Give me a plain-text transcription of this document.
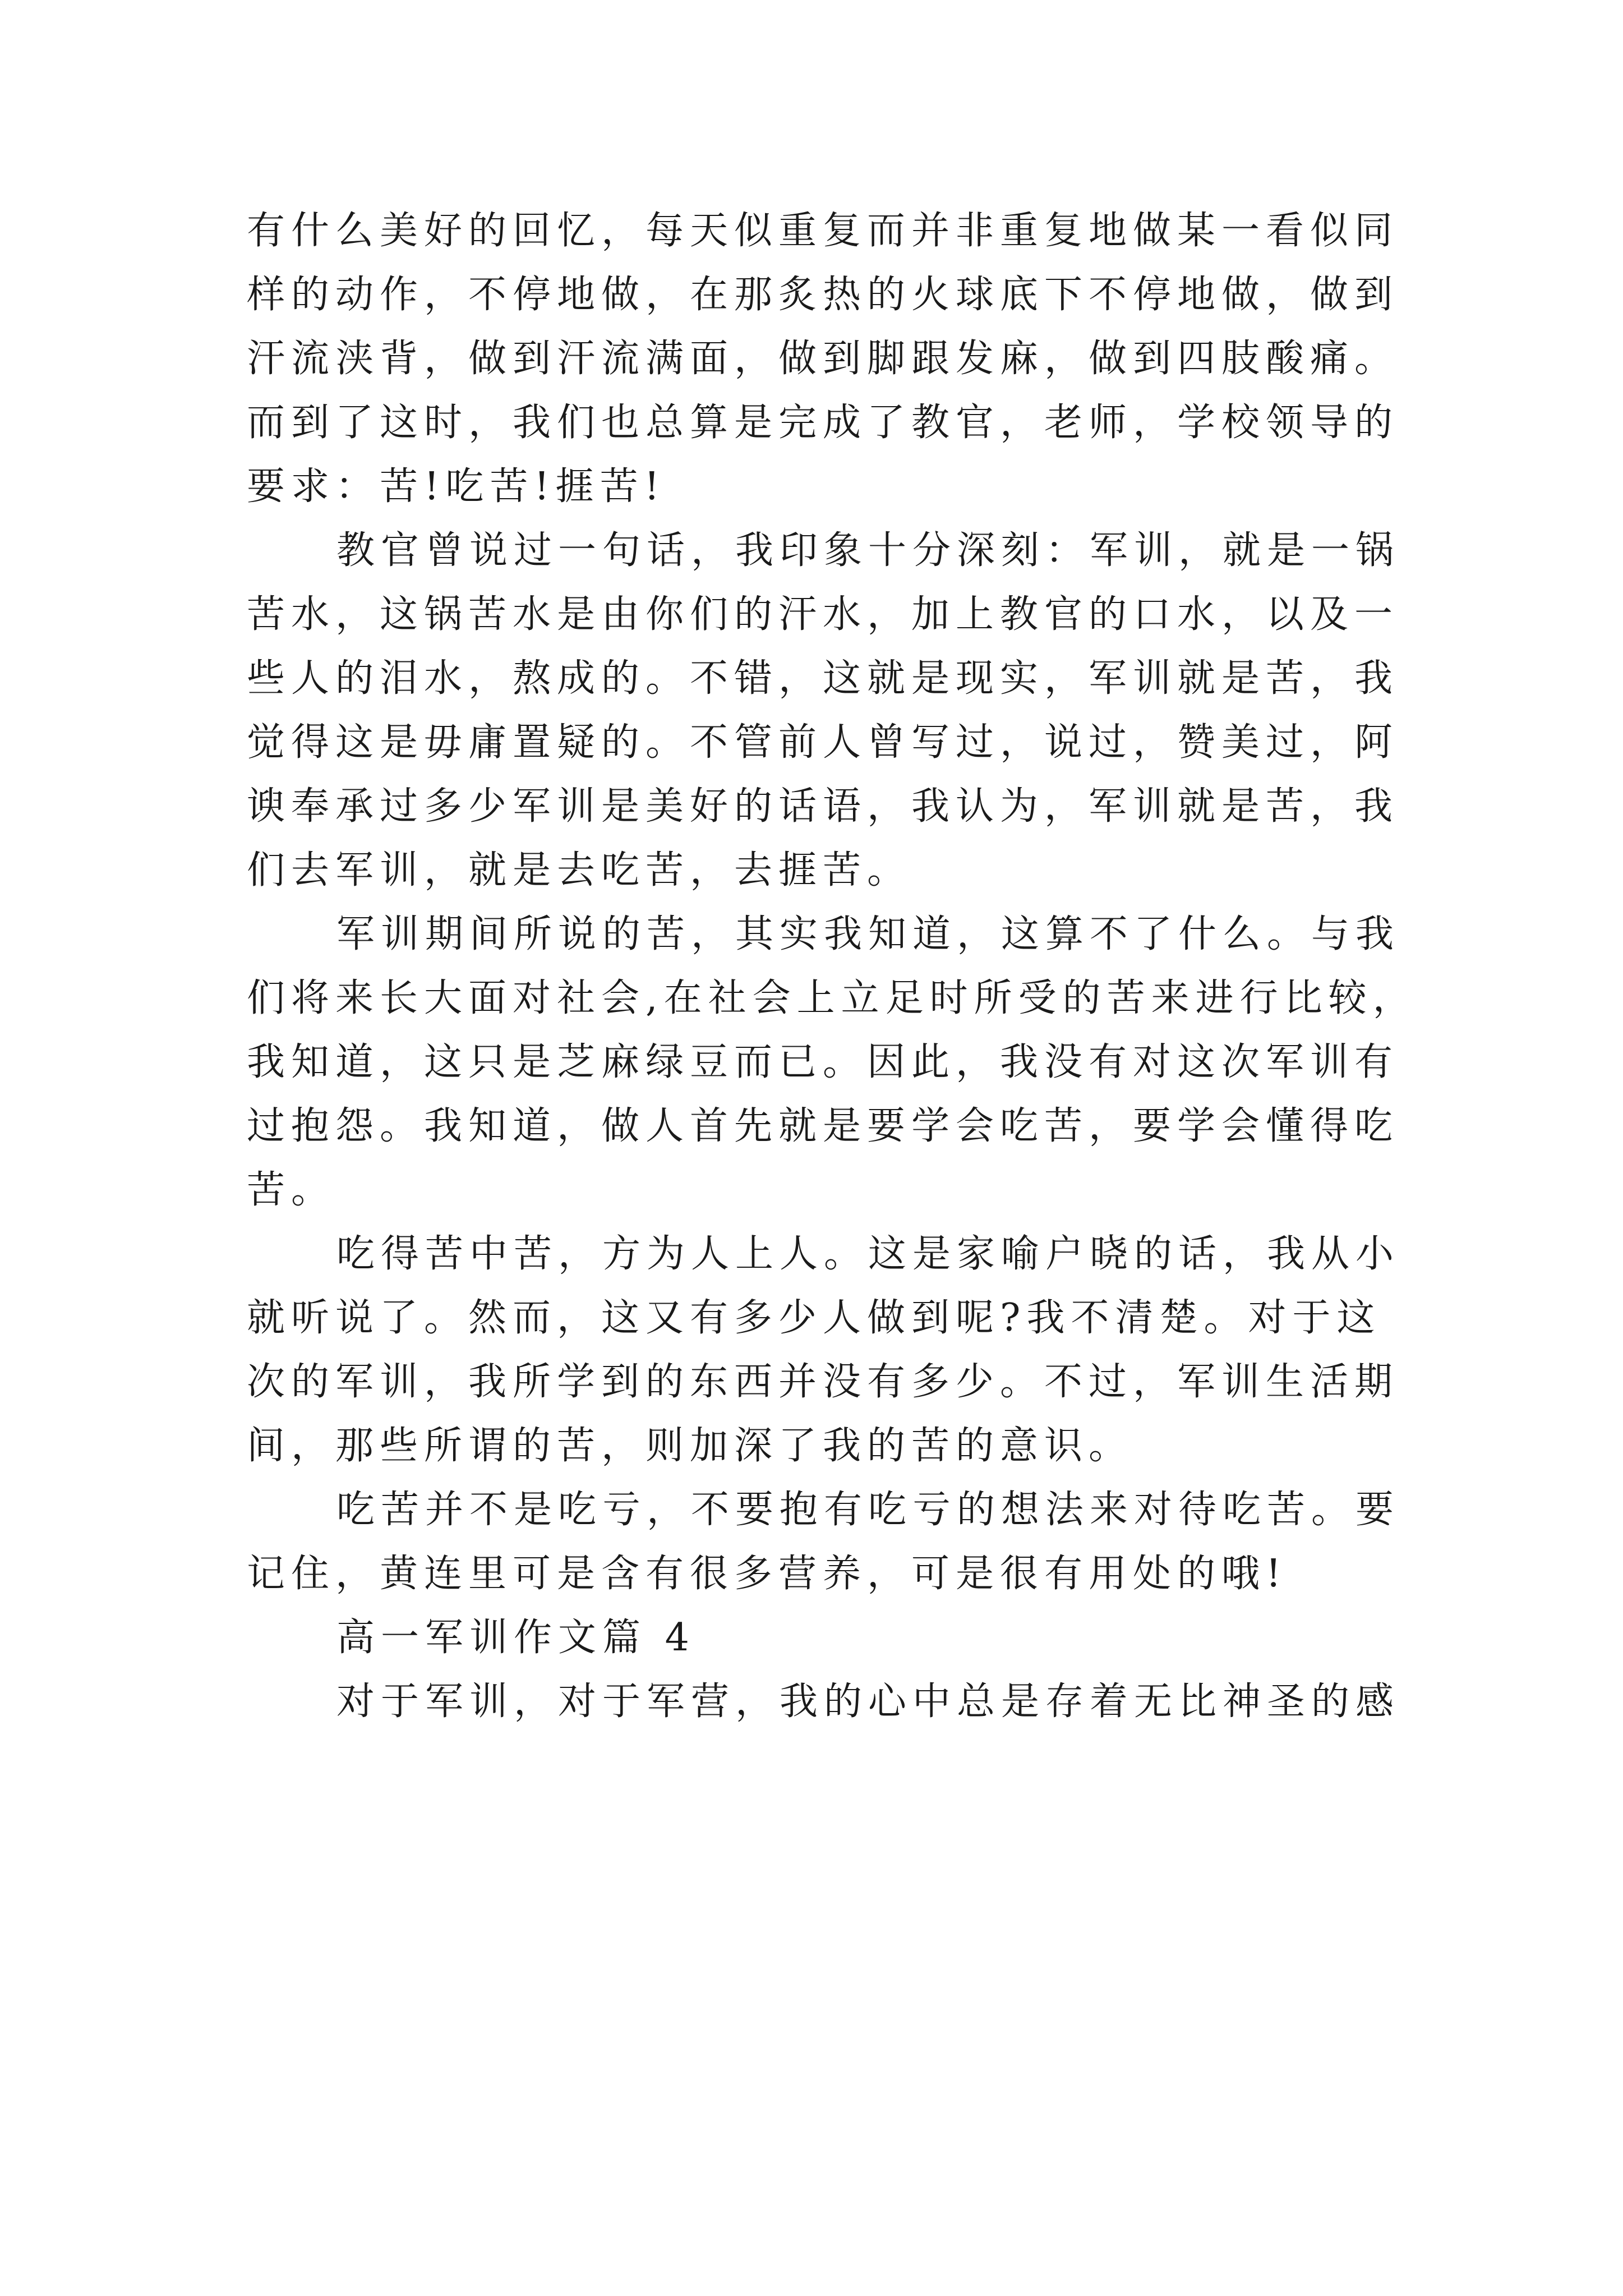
有什么美好的回忆，每天似重复而并非重复地做某一看似同
样的动作，不停地做，在那炙热的火球底下不停地做，做到
汗流浃背，做到汗流满面，做到脚跟发麻，做到四肢酸痛。
而到了这时，我们也总算是完成了教官，老师，学校领导的
要求：苦!吃苦!捱苦!
教官曾说过一句话，我印象十分深刻：军训，就是一锅
苦水，这锅苦水是由你们的汗水，加上教官的口水，以及一
些人的泪水，熬成的。不错，这就是现实，军训就是苦，我
觉得这是毋庸置疑的。不管前人曾写过，说过，赞美过，阿
谀奉承过多少军训是美好的话语，我认为，军训就是苦，我
们去军训，就是去吃苦，去捱苦。
军训期间所说的苦，其实我知道，这算不了什么。与我
们将来长大面对社会,在社会上立足时所受的苦来进行比较，
我知道，这只是芝麻绿豆而已。因此，我没有对这次军训有
过抱怨。我知道，做人首先就是要学会吃苦，要学会懂得吃
苦。
吃得苦中苦，方为人上人。这是家喻户晓的话，我从小
就听说了。然而，这又有多少人做到呢?我不清楚。对于这
次的军训，我所学到的东西并没有多少。不过，军训生活期
间，那些所谓的苦，则加深了我的苦的意识。
吃苦并不是吃亏，不要抱有吃亏的想法来对待吃苦。要
记住，黄连里可是含有很多营养，可是很有用处的哦!
高一军训作文篇 4
对于军训，对于军营，我的心中总是存着无比神圣的感
